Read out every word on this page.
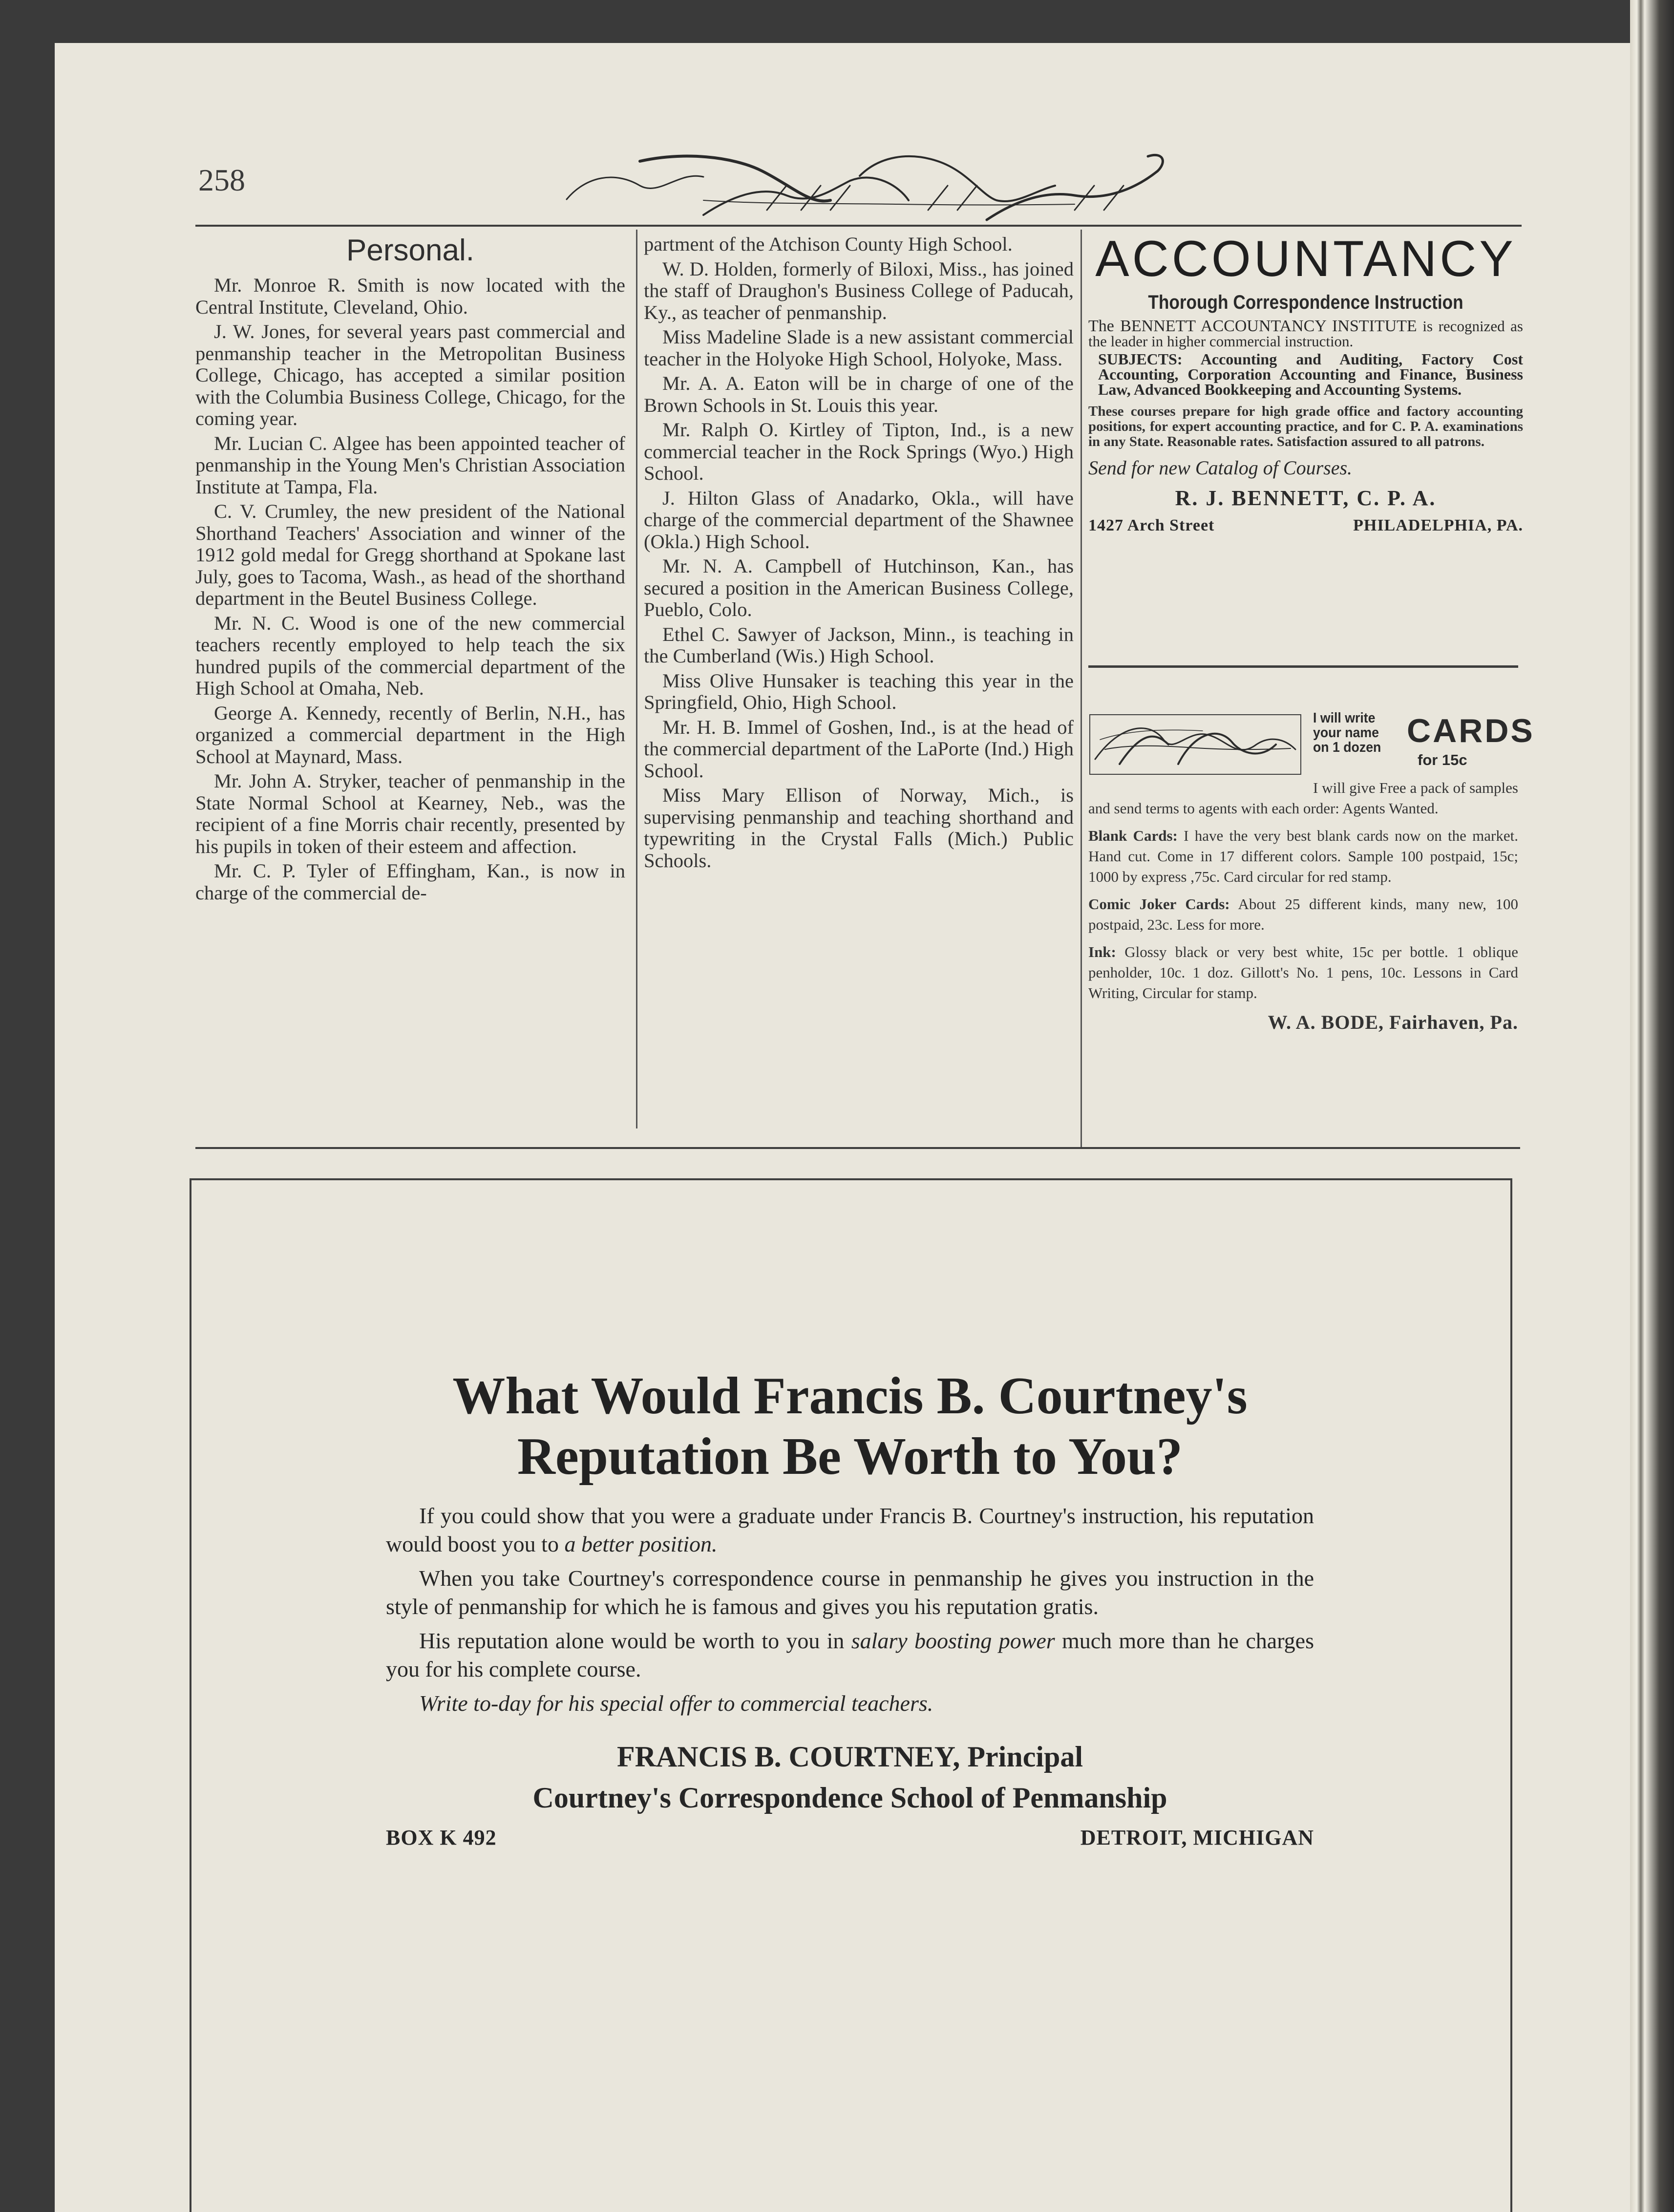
258
Personal.

Mr. Monroe R. Smith is now located with the Central Institute, Cleveland, Ohio.

J. W. Jones, for several years past commercial and penmanship teacher in the Metropolitan Business College, Chicago, has accepted a similar position with the Columbia Business College, Chicago, for the coming year.

Mr. Lucian C. Algee has been appointed teacher of penmanship in the Young Men's Christian Association Institute at Tampa, Fla.

C. V. Crumley, the new president of the National Shorthand Teachers' Association and winner of the 1912 gold medal for Gregg shorthand at Spokane last July, goes to Tacoma, Wash., as head of the shorthand department in the Beutel Business College.

Mr. N. C. Wood is one of the new commercial teachers recently employed to help teach the six hundred pupils of the commercial department of the High School at Omaha, Neb.

George A. Kennedy, recently of Berlin, N.H., has organized a commercial department in the High School at Maynard, Mass.

Mr. John A. Stryker, teacher of penmanship in the State Normal School at Kearney, Neb., was the recipient of a fine Morris chair recently, presented by his pupils in token of their esteem and affection.

Mr. C. P. Tyler of Effingham, Kan., is now in charge of the commercial de-

partment of the Atchison County High School.

W. D. Holden, formerly of Biloxi, Miss., has joined the staff of Draughon's Business College of Paducah, Ky., as teacher of penmanship.

Miss Madeline Slade is a new assistant commercial teacher in the Holyoke High School, Holyoke, Mass.

Mr. A. A. Eaton will be in charge of one of the Brown Schools in St. Louis this year.

Mr. Ralph O. Kirtley of Tipton, Ind., is a new commercial teacher in the Rock Springs (Wyo.) High School.

J. Hilton Glass of Anadarko, Okla., will have charge of the commercial department of the Shawnee (Okla.) High School.

Mr. N. A. Campbell of Hutchinson, Kan., has secured a position in the American Business College, Pueblo, Colo.

Ethel C. Sawyer of Jackson, Minn., is teaching in the Cumberland (Wis.) High School.

Miss Olive Hunsaker is teaching this year in the Springfield, Ohio, High School.

Mr. H. B. Immel of Goshen, Ind., is at the head of the commercial department of the LaPorte (Ind.) High School.

Miss Mary Ellison of Norway, Mich., is supervising penmanship and teaching shorthand and typewriting in the Crystal Falls (Mich.) Public Schools.

ACCOUNTANCY
Thorough Correspondence Instruction
The BENNETT ACCOUNTANCY INSTITUTE is recognized as the leader in higher commercial instruction.
SUBJECTS: Accounting and Auditing, Factory Cost Accounting, Corporation Accounting and Finance, Business Law, Advanced Bookkeeping and Accounting Systems.
These courses prepare for high grade office and factory accounting positions, for expert accounting practice, and for C. P. A. examinations in any State. Reasonable rates. Satisfaction assured to all patrons.
Send for new Catalog of Courses.
R. J. BENNETT, C. P. A.
1427 Arch Street	PHILADELPHIA, PA.
I will write
your name
on 1 dozen CARDS
for 15c

I will give Free a pack of samples and send terms to agents with each order: Agents Wanted.

Blank Cards: I have the very best blank cards now on the market. Hand cut. Come in 17 different colors. Sample 100 postpaid, 15c; 1000 by express ,75c. Card circular for red stamp.

Comic Joker Cards: About 25 different kinds, many new, 100 postpaid, 23c. Less for more.

Ink: Glossy black or very best white, 15c per bottle. 1 oblique penholder, 10c. 1 doz. Gillott's No. 1 pens, 10c. Lessons in Card Writing, Circular for stamp.

W. A. BODE, Fairhaven, Pa.
What Would Francis B. Courtney's Reputation Be Worth to You?

If you could show that you were a graduate under Francis B. Courtney's instruction, his reputation would boost you to a better position.

When you take Courtney's correspondence course in penmanship he gives you instruction in the style of penmanship for which he is famous and gives you his reputation gratis.

His reputation alone would be worth to you in salary boosting power much more than he charges you for his complete course.

Write to-day for his special offer to commercial teachers.

FRANCIS B. COURTNEY, Principal
Courtney's Correspondence School of Penmanship
BOX K 492	DETROIT, MICHIGAN
